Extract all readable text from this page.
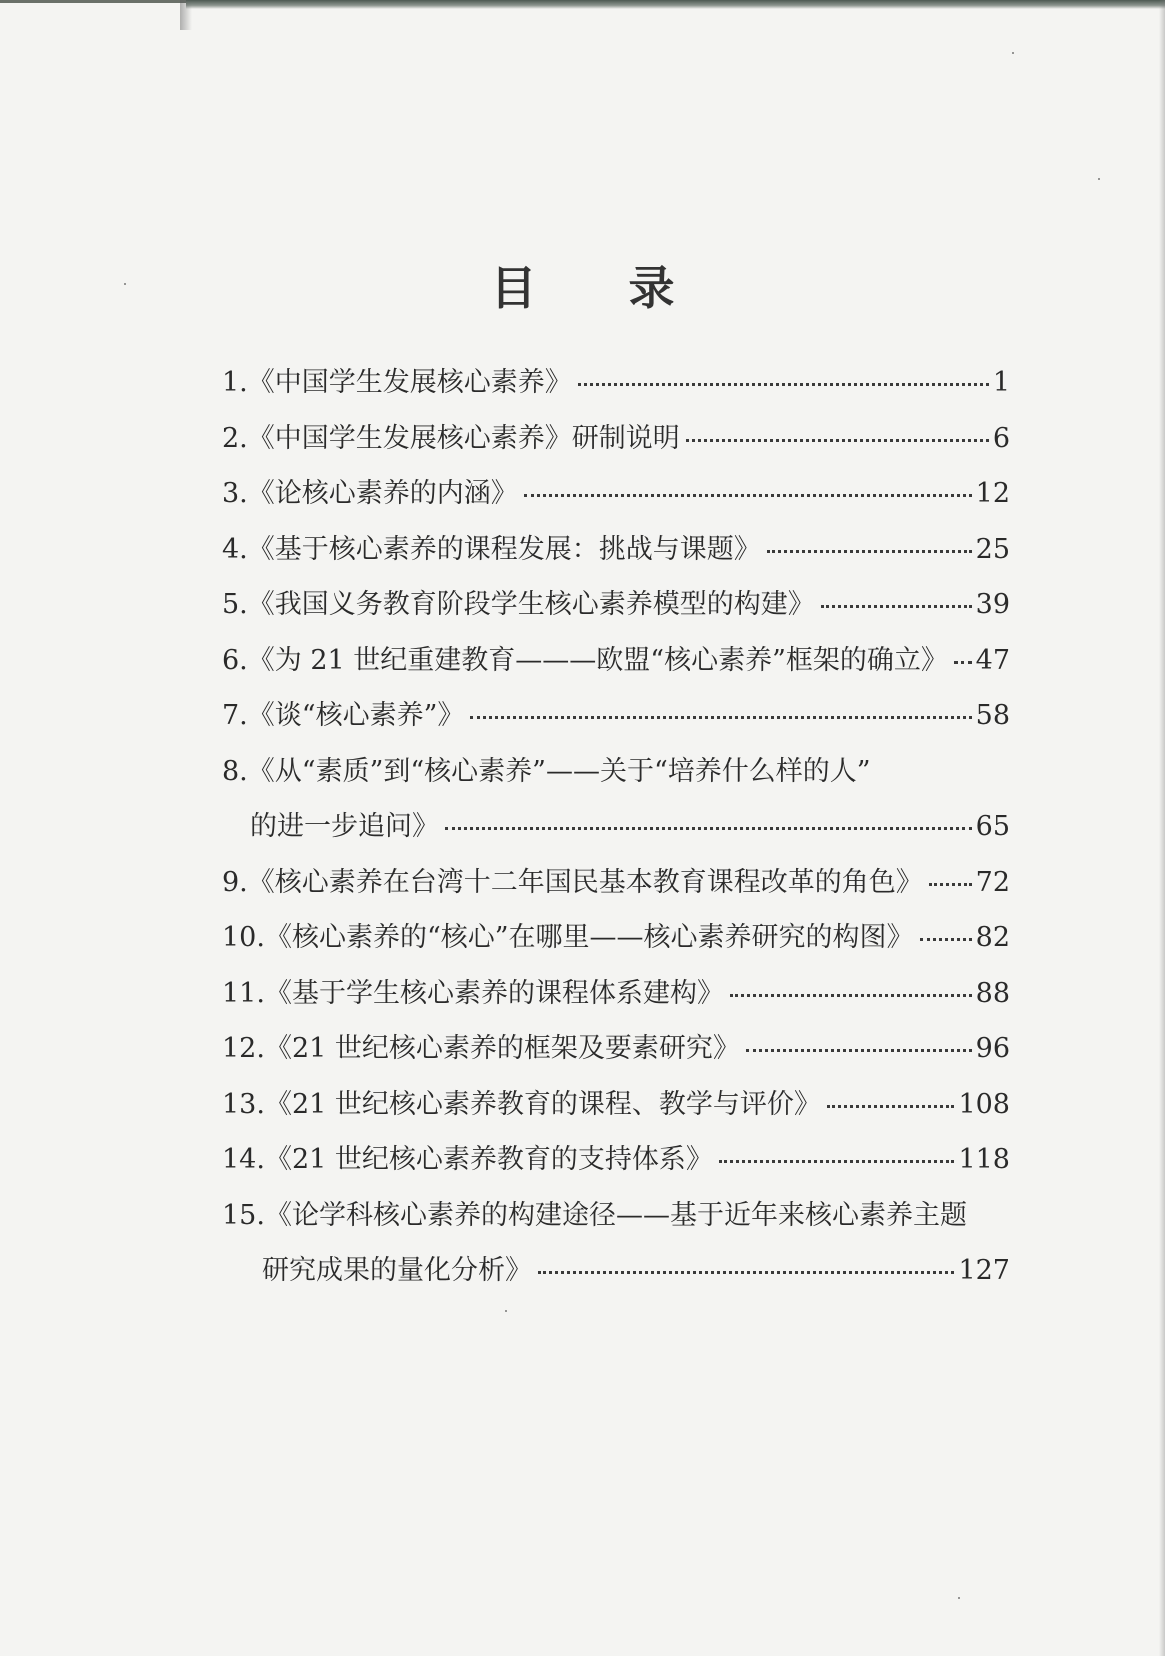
目 录
1. 《中国学生发展核心素养》	1
2. 《中国学生发展核心素养》研制说明	6
3. 《论核心素养的内涵》	12
4. 《基于核心素养的课程发展：挑战与课题》	25
5. 《我国义务教育阶段学生核心素养模型的构建》	39
6. 《为 21 世纪重建教育———欧盟“核心素养”框架的确立》 47
7. 《谈“核心素养”》	58
8. 《从“素质”到“核心素养”——关于“培养什么样的人”
的进一步追问》	65
9. 《核心素养在台湾十二年国民基本教育课程改革的角色》 72
10. 《核心素养的“核心”在哪里——核心素养研究的构图》 82
11. 《基于学生核心素养的课程体系建构》	88
12. 《21 世纪核心素养的框架及要素研究》	96
13. 《21 世纪核心素养教育的课程、教学与评价》	108
14. 《21 世纪核心素养教育的支持体系》	118
15. 《论学科核心素养的构建途径——基于近年来核心素养主题
研究成果的量化分析》	127
